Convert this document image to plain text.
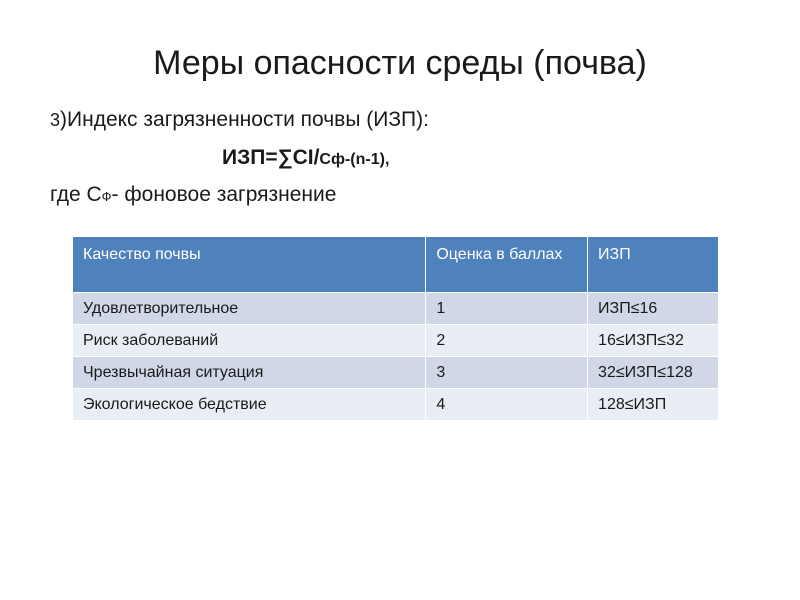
Меры опасности среды (почва)
3)Индекс загрязненности почвы (ИЗП):
ИЗП=∑CI/Cф-(n-1),
где СФ- фоновое загрязнение
Качество почвы	Оценка в баллах	ИЗП
Удовлетворительное	1	ИЗП≤16
Риск заболеваний	2	16≤ИЗП≤32
Чрезвычайная ситуация	3	32≤ИЗП≤128
Экологическое бедствие	4	128≤ИЗП
